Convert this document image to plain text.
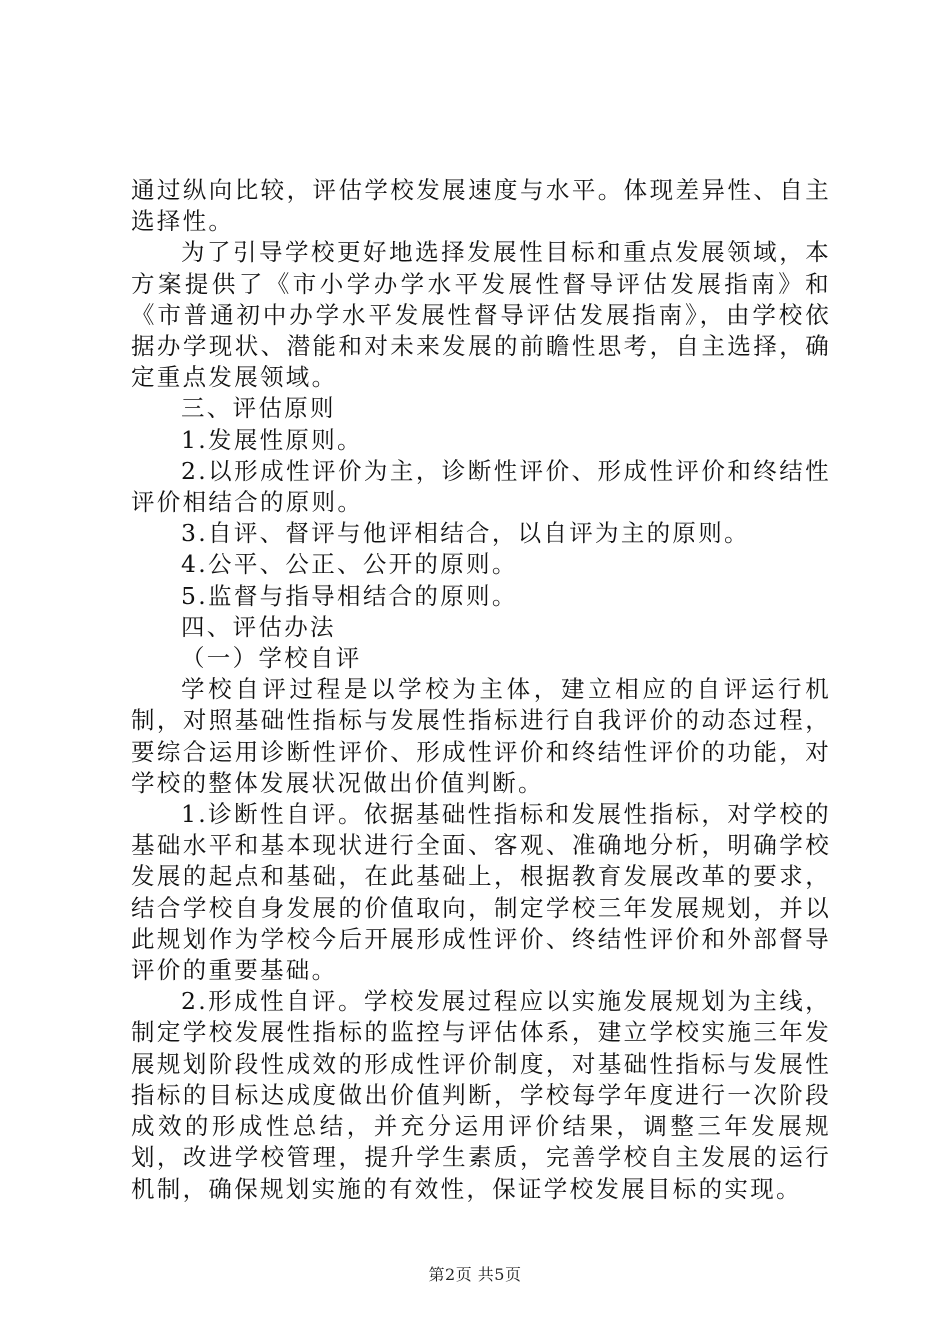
通过纵向比较，评估学校发展速度与水平。体现差异性、自主选择性。

为了引导学校更好地选择发展性目标和重点发展领域，本方案提供了《市小学办学水平发展性督导评估发展指南》和《市普通初中办学水平发展性督导评估发展指南》，由学校依据办学现状、潜能和对未来发展的前瞻性思考，自主选择，确定重点发展领域。

三、评估原则

1.发展性原则。

2.以形成性评价为主，诊断性评价、形成性评价和终结性评价相结合的原则。

3.自评、督评与他评相结合，以自评为主的原则。

4.公平、公正、公开的原则。

5.监督与指导相结合的原则。

四、评估办法

（一）学校自评

学校自评过程是以学校为主体，建立相应的自评运行机制，对照基础性指标与发展性指标进行自我评价的动态过程，要综合运用诊断性评价、形成性评价和终结性评价的功能，对学校的整体发展状况做出价值判断。

1.诊断性自评。依据基础性指标和发展性指标，对学校的基础水平和基本现状进行全面、客观、准确地分析，明确学校发展的起点和基础，在此基础上，根据教育发展改革的要求，结合学校自身发展的价值取向，制定学校三年发展规划，并以此规划作为学校今后开展形成性评价、终结性评价和外部督导评价的重要基础。

2.形成性自评。学校发展过程应以实施发展规划为主线，制定学校发展性指标的监控与评估体系，建立学校实施三年发展规划阶段性成效的形成性评价制度，对基础性指标与发展性指标的目标达成度做出价值判断，学校每学年度进行一次阶段成效的形成性总结，并充分运用评价结果，调整三年发展规划，改进学校管理，提升学生素质，完善学校自主发展的运行机制，确保规划实施的有效性，保证学校发展目标的实现。

第2页 共5页
